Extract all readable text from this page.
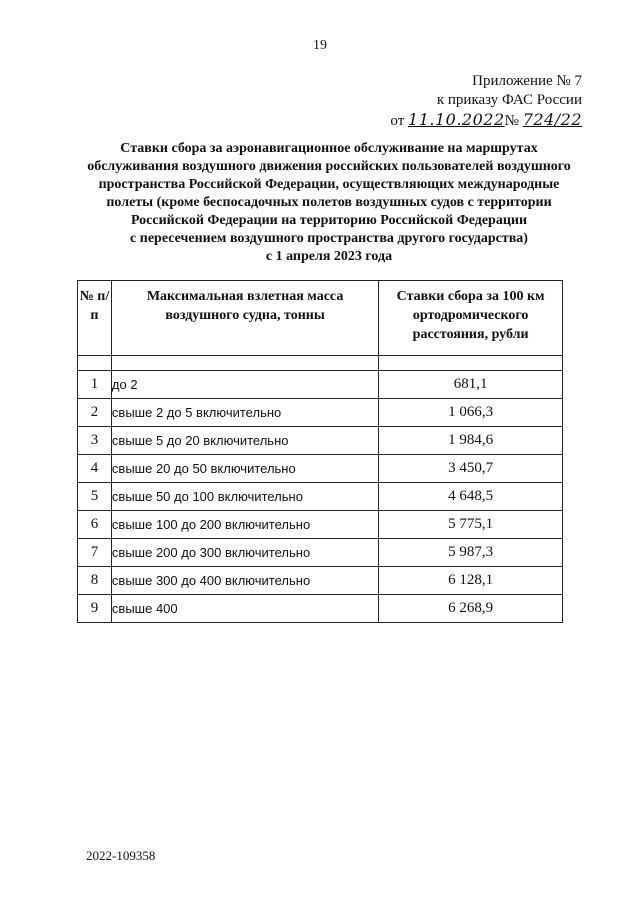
19
Приложение № 7
к приказу ФАС России
от 11.10.2022№ 724/22
Ставки сбора за аэронавигационное обслуживание на маршрутах
обслуживания воздушного движения российских пользователей воздушного
пространства Российской Федерации, осуществляющих международные
полеты (кроме беспосадочных полетов воздушных судов с территории
Российской Федерации на территорию Российской Федерации
с пересечением воздушного пространства другого государства)
с 1 апреля 2023 года
№ п/п	Максимальная взлетная масса воздушного судна, тонны	Ставки сбора за 100 км ортодромического расстояния, рубли

1	до 2	681,1
2	свыше 2 до 5 включительно	1 066,3
3	свыше 5 до 20 включительно	1 984,6
4	свыше 20 до 50 включительно	3 450,7
5	свыше 50 до 100 включительно	4 648,5
6	свыше 100 до 200 включительно	5 775,1
7	свыше 200 до 300 включительно	5 987,3
8	свыше 300 до 400 включительно	6 128,1
9	свыше 400	6 268,9
2022-109358
